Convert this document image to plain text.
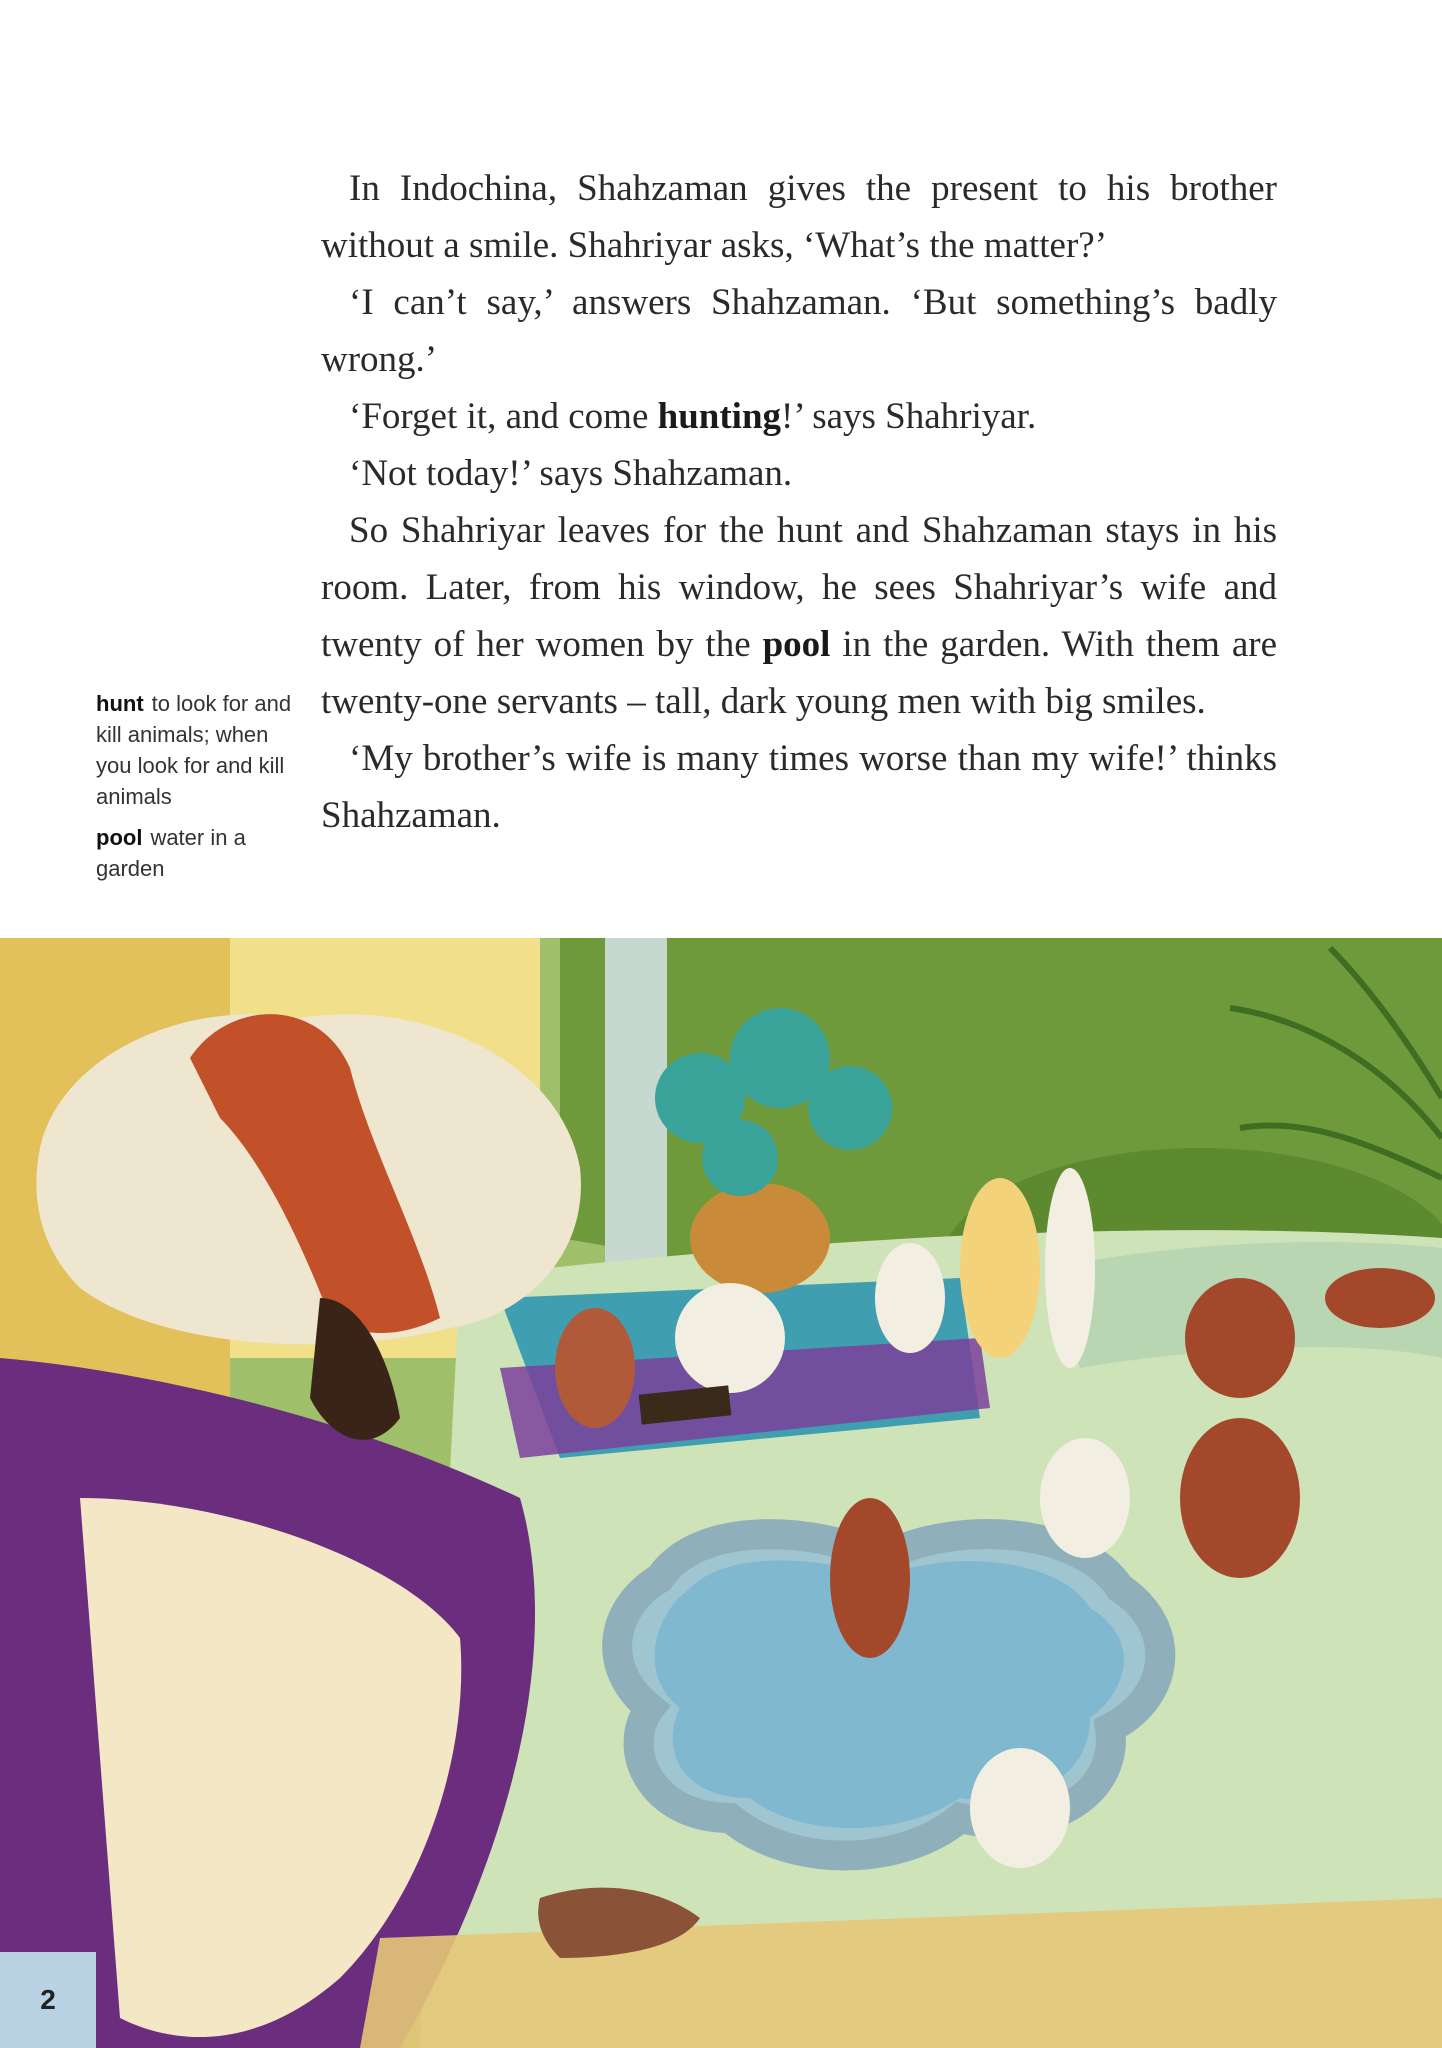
In Indochina, Shahzaman gives the present to his brother without a smile. Shahriyar asks, ‘What’s the matter?’

‘I can’t say,’ answers Shahzaman. ‘But something’s badly wrong.’

‘Forget it, and come hunting!’ says Shahriyar.

‘Not today!’ says Shahzaman.

So Shahriyar leaves for the hunt and Shahzaman stays in his room. Later, from his window, he sees Shahriyar’s wife and twenty of her women by the pool in the garden. With them are twenty-one servants – tall, dark young men with big smiles.

‘My brother’s wife is many times worse than my wife!’ thinks Shahzaman.

hunt to look for and kill animals; when you look for and kill animals
pool water in a garden
2
